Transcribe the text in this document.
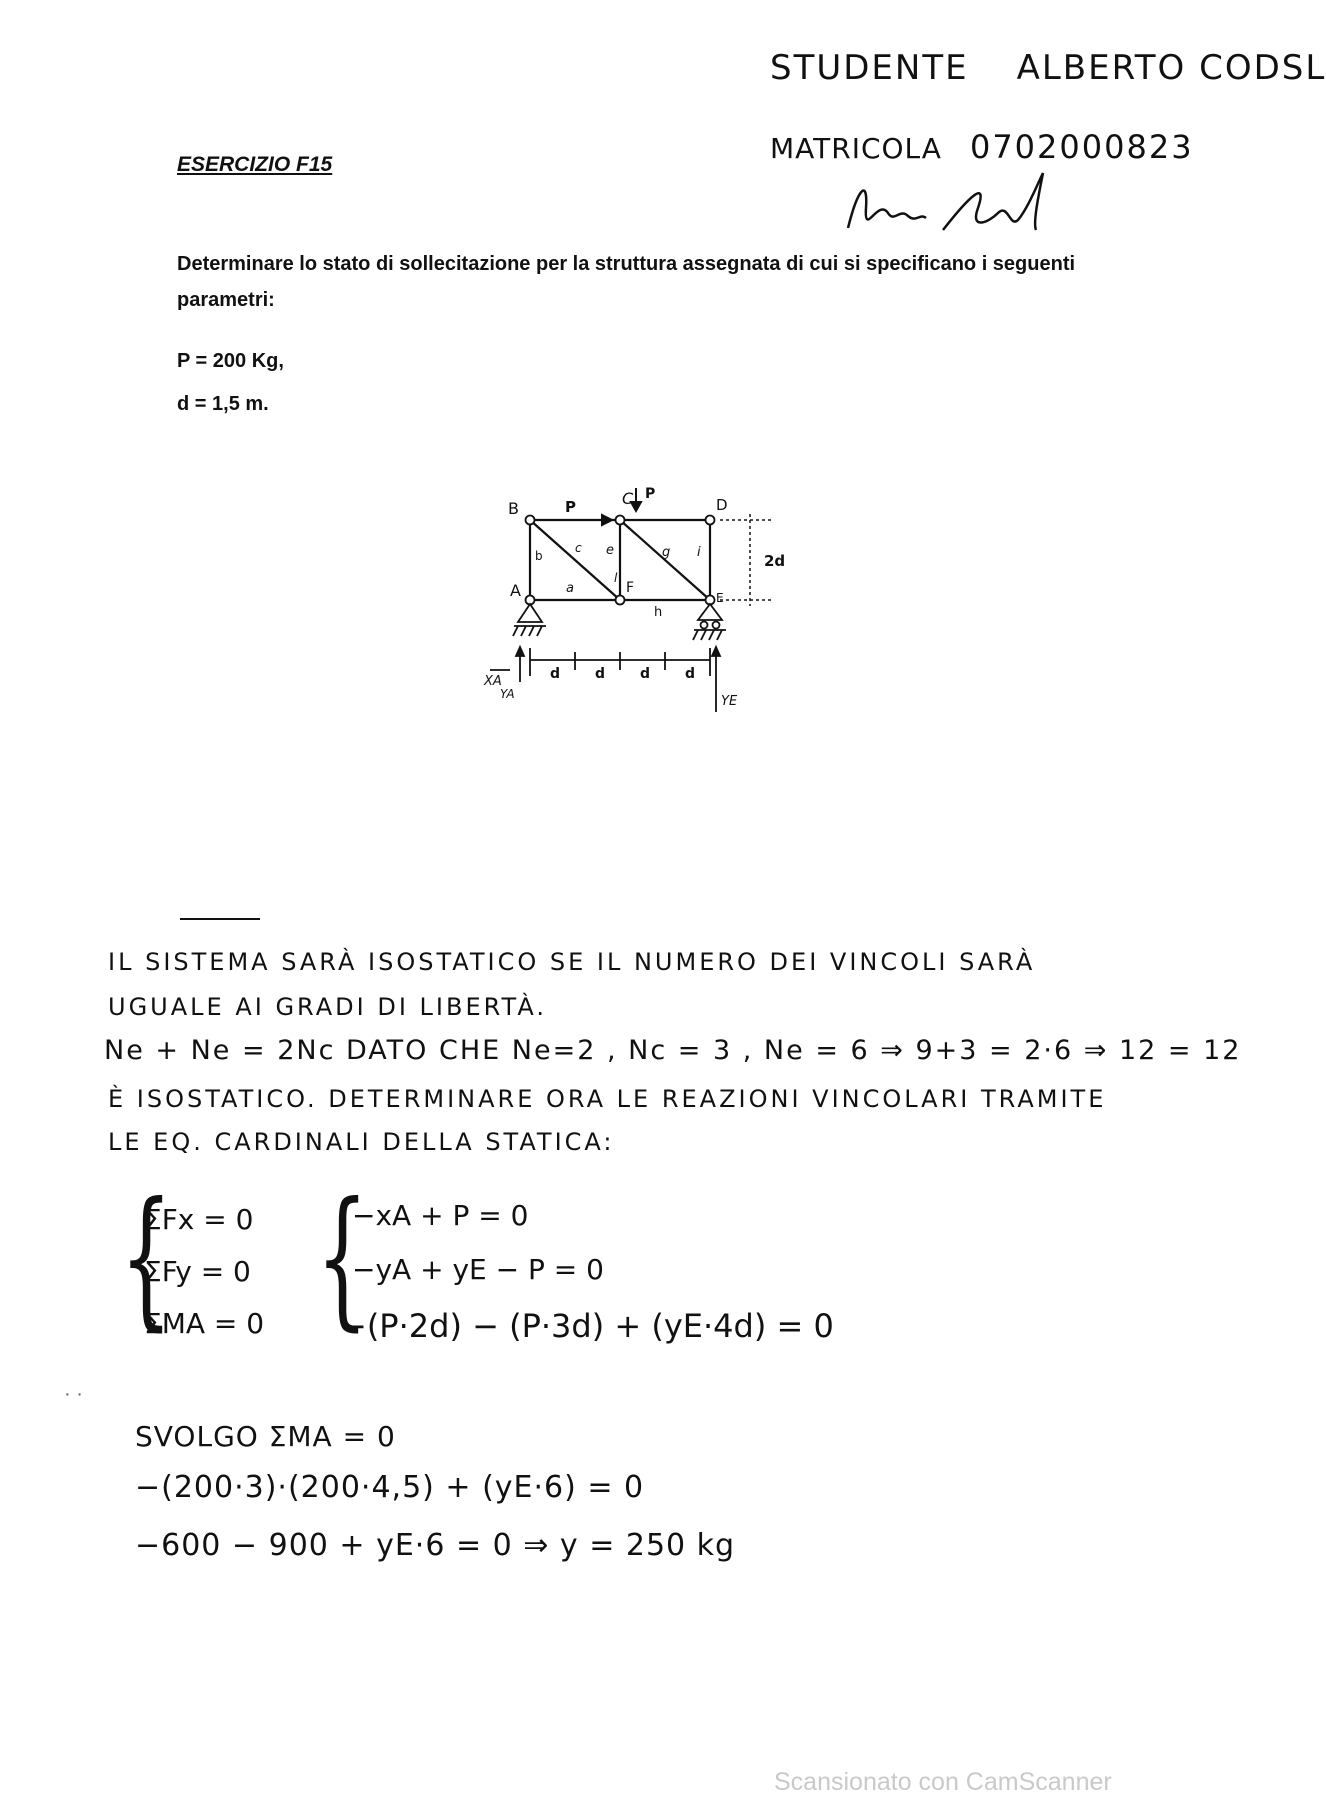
STUDENTE ALBERTO CODSL
MATRICOLA 0702000823
ESERCIZIO F15

Determinare lo stato di sollecitazione per la struttura assegnata di cui si specificano i seguenti parametri:

P = 200 Kg,

d = 1,5 m.

B
C	D
A	F
E
a
b
c e	g i
h
l
P
P
2d
d d d d
XA
YA	YE
IL SISTEMA SARÀ ISOSTATICO SE IL NUMERO DEI VINCOLI SARÀ
UGUALE AI GRADI DI LIBERTÀ.
Ne + Ne = 2Nc DATO CHE Ne=2 , Nc = 3 , Ne = 6 ⇒ 9+3 = 2·6 ⇒ 12 = 12
È ISOSTATICO. DETERMINARE ORA LE REAZIONI VINCOLARI TRAMITE
LE EQ. CARDINALI DELLA STATICA:
{ {
ΣFx = 0
ΣFy = 0
ΣMA = 0
−xA + P = 0
−yA + yE − P = 0
−(P·2d) − (P·3d) + (yE·4d) = 0
· ·
SVOLGO ΣMA = 0
−(200·3)·(200·4,5) + (yE·6) = 0
−600 − 900 + yE·6 = 0 ⇒ y = 250 kg

Scansionato con CamScanner
